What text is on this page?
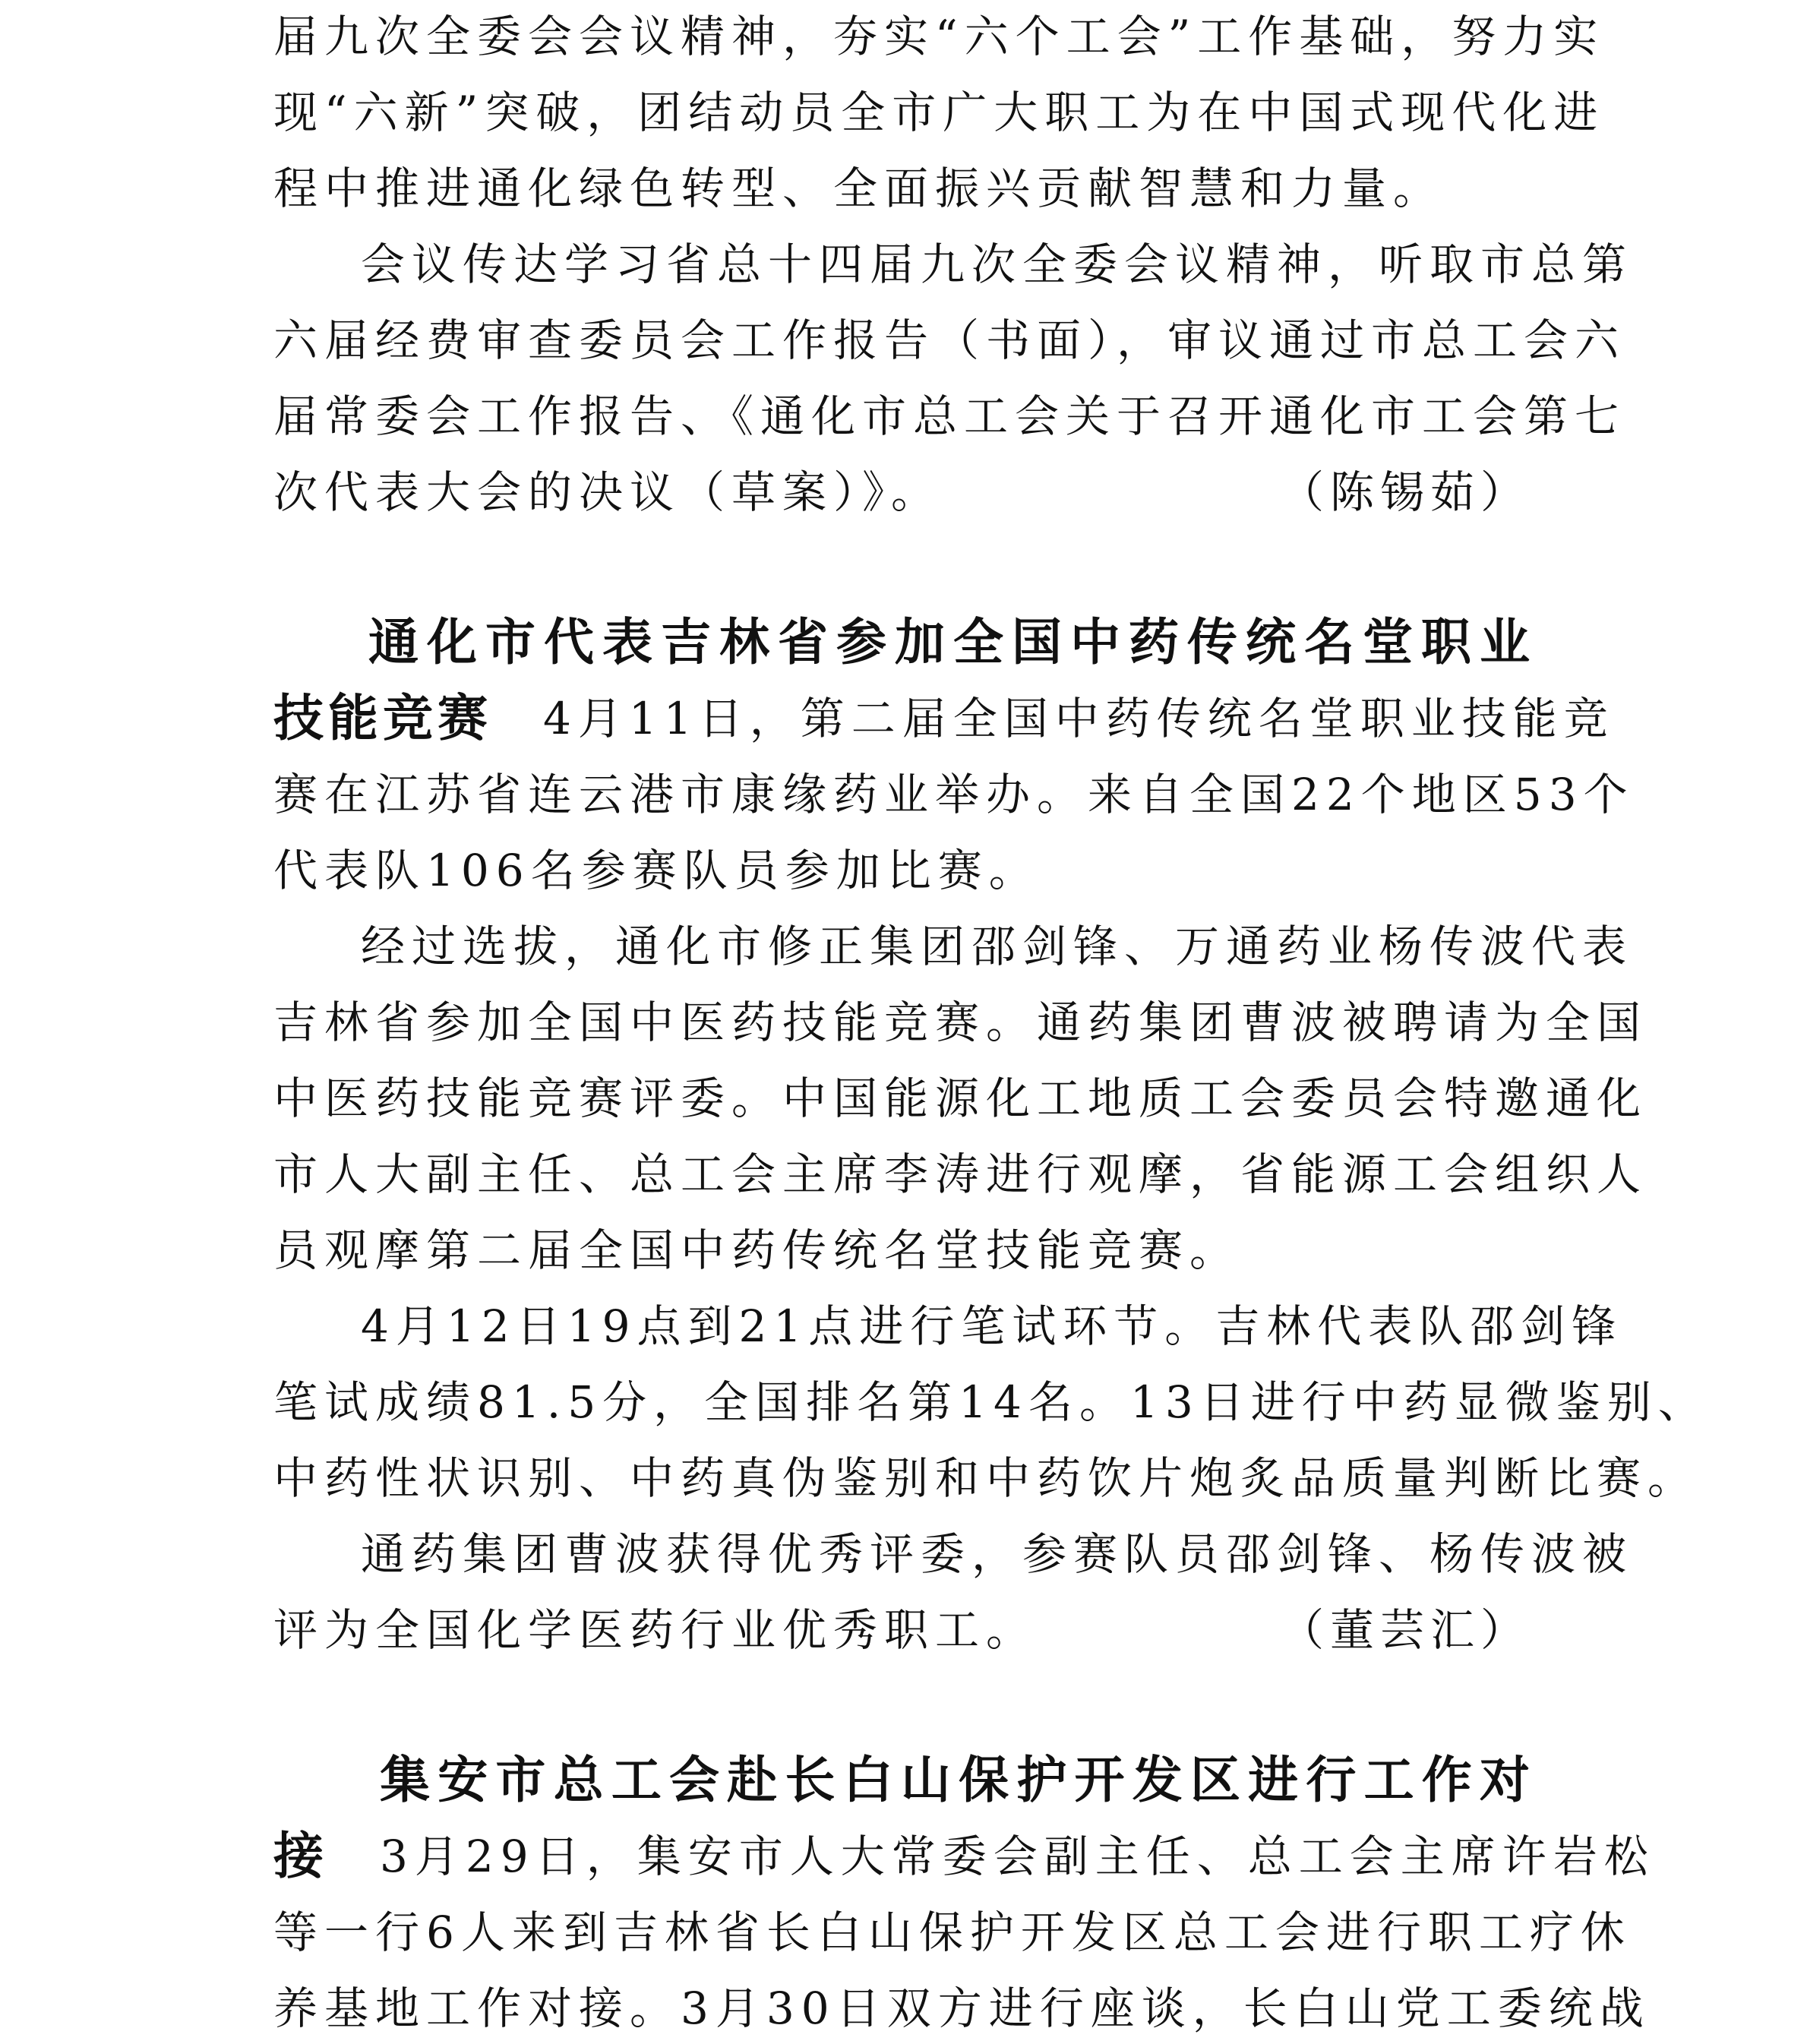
届九次全委会会议精神，夯实“六个工会”工作基础，努力实
现“六新”突破，团结动员全市广大职工为在中国式现代化进
程中推进通化绿色转型、全面振兴贡献智慧和力量。
会议传达学习省总十四届九次全委会议精神，听取市总第
六届经费审查委员会工作报告（书面），审议通过市总工会六
届常委会工作报告、《通化市总工会关于召开通化市工会第七
次代表大会的决议（草案）》。	（陈锡茹）
通化市代表吉林省参加全国中药传统名堂职业
技能竞赛 4月11日，第二届全国中药传统名堂职业技能竞
赛在江苏省连云港市康缘药业举办。来自全国22个地区53个
代表队106名参赛队员参加比赛。
经过选拔，通化市修正集团邵剑锋、万通药业杨传波代表
吉林省参加全国中医药技能竞赛。通药集团曹波被聘请为全国
中医药技能竞赛评委。中国能源化工地质工会委员会特邀通化
市人大副主任、总工会主席李涛进行观摩，省能源工会组织人
员观摩第二届全国中药传统名堂技能竞赛。
4月12日19点到21点进行笔试环节。吉林代表队邵剑锋
笔试成绩81.5分，全国排名第14名。13日进行中药显微鉴别、
中药性状识别、中药真伪鉴别和中药饮片炮炙品质量判断比赛。
通药集团曹波获得优秀评委，参赛队员邵剑锋、杨传波被
评为全国化学医药行业优秀职工。	（董芸汇）
集安市总工会赴长白山保护开发区进行工作对
接 3月29日，集安市人大常委会副主任、总工会主席许岩松
等一行6人来到吉林省长白山保护开发区总工会进行职工疗休
养基地工作对接。3月30日双方进行座谈，长白山党工委统战
